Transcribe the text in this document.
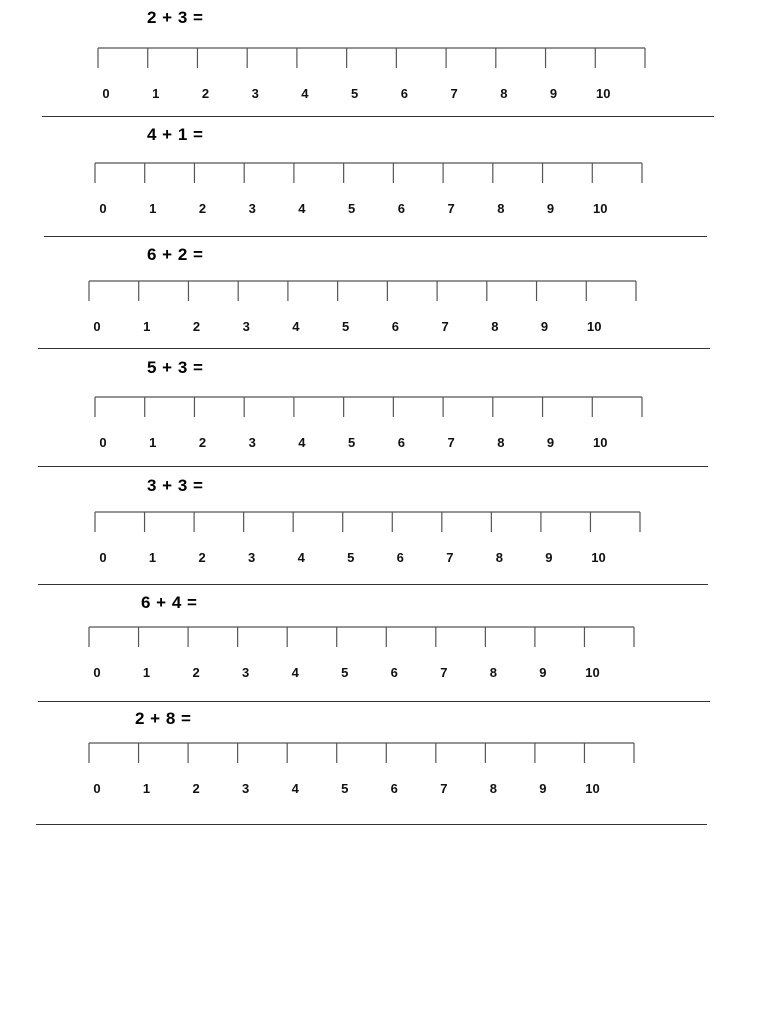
2 + 3 =
0	1	2	3	4	5	6	7	8	9	10
4 + 1 =
0	1	2	3	4	5	6	7	8	9	10
6 + 2 =
0	1	2	3	4	5	6	7	8	9	10
5 + 3 =
0	1	2	3	4	5	6	7	8	9	10
3 + 3 =
0	1	2	3	4	5	6	7	8	9	10
6 + 4 =
0	1	2	3	4	5	6	7	8	9	10
2 + 8 =
0	1	2	3	4	5	6	7	8	9	10
